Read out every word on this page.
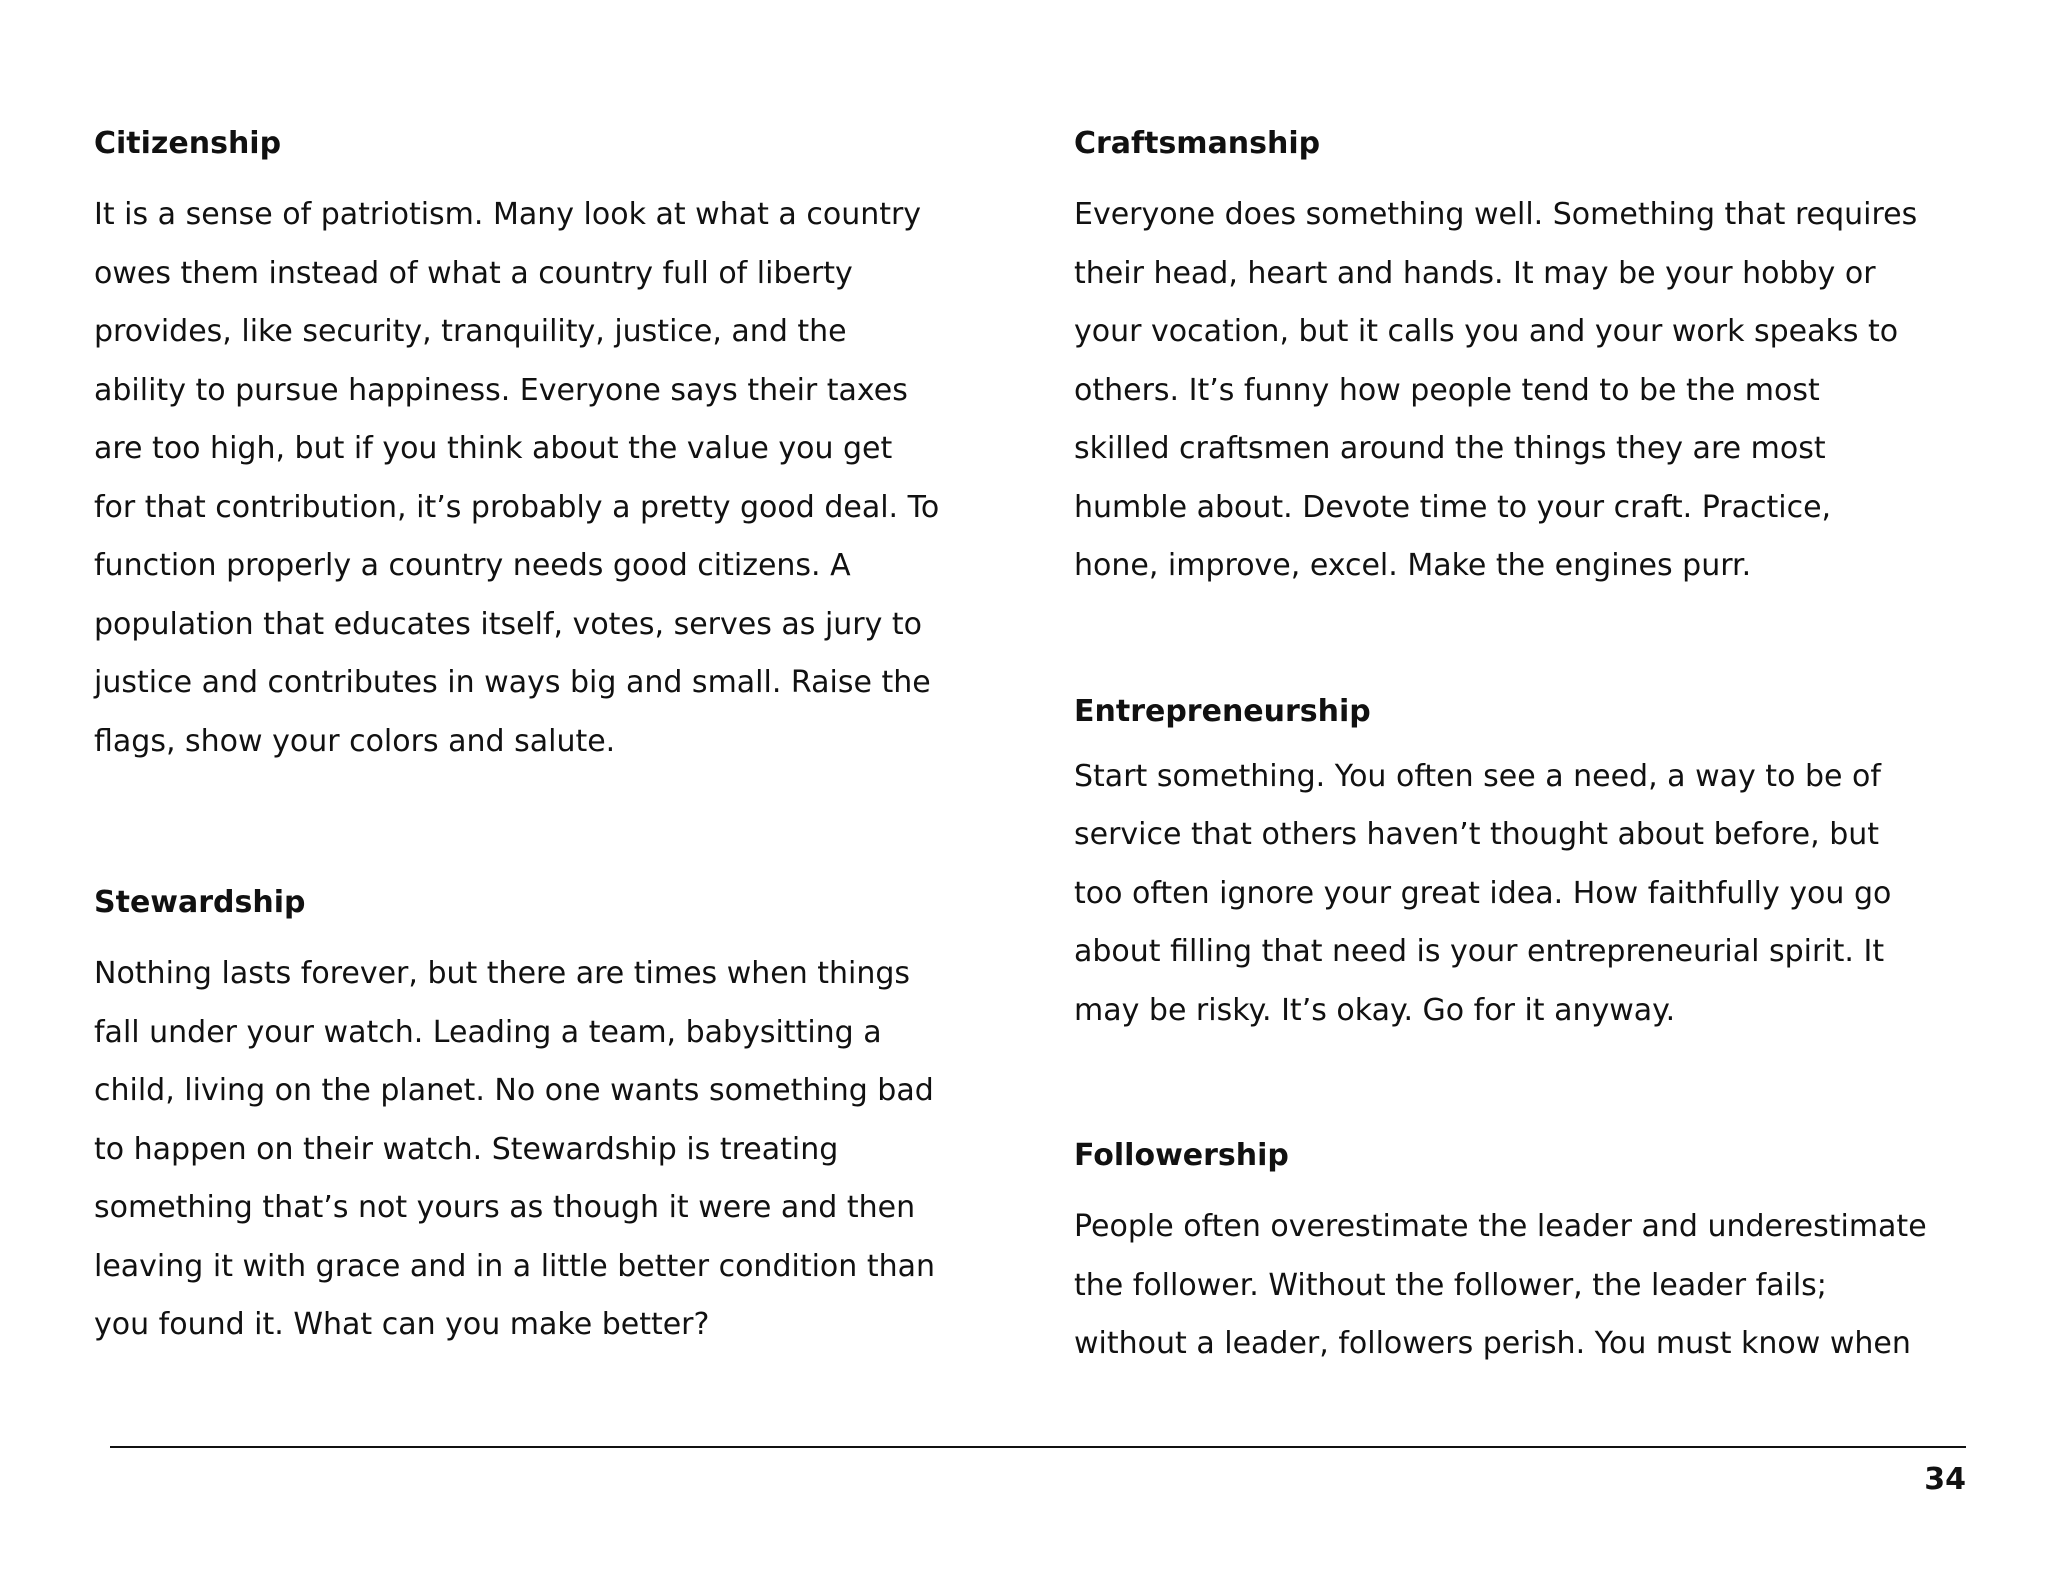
Citizenship

It is a sense of patriotism. Many look at what a country
owes them instead of what a country full of liberty
provides, like security, tranquility, justice, and the
ability to pursue happiness. Everyone says their taxes
are too high, but if you think about the value you get
for that contribution, it’s probably a pretty good deal. To
function properly a country needs good citizens. A
population that educates itself, votes, serves as jury to
justice and contributes in ways big and small. Raise the
flags, show your colors and salute.

Stewardship

Nothing lasts forever, but there are times when things
fall under your watch. Leading a team, babysitting a
child, living on the planet. No one wants something bad
to happen on their watch. Stewardship is treating
something that’s not yours as though it were and then
leaving it with grace and in a little better condition than
you found it. What can you make better?

Craftsmanship

Everyone does something well. Something that requires
their head, heart and hands. It may be your hobby or
your vocation, but it calls you and your work speaks to
others. It’s funny how people tend to be the most
skilled craftsmen around the things they are most
humble about. Devote time to your craft. Practice,
hone, improve, excel. Make the engines purr.

Entrepreneurship

Start something. You often see a need, a way to be of
service that others haven’t thought about before, but
too often ignore your great idea. How faithfully you go
about filling that need is your entrepreneurial spirit. It
may be risky. It’s okay. Go for it anyway.

Followership

People often overestimate the leader and underestimate
the follower. Without the follower, the leader fails;
without a leader, followers perish. You must know when

34
